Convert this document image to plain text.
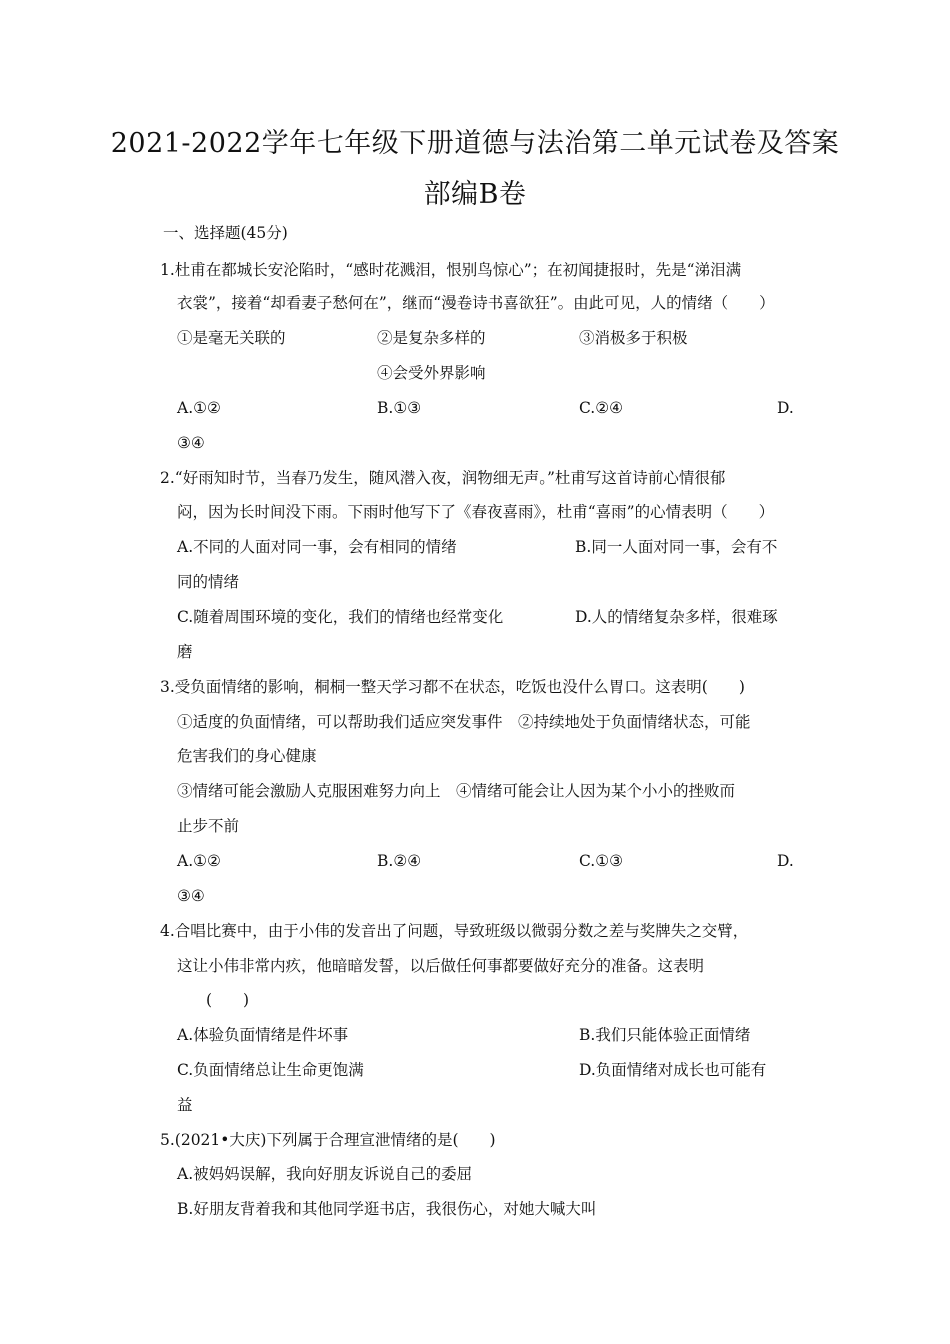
2021-2022学年七年级下册道德与法治第二单元试卷及答案
部编B卷
一、选择题(45分)
1.杜甫在都城长安沦陷时，“感时花溅泪，恨别鸟惊心”；在初闻捷报时，先是“涕泪满
衣裳”，接着“却看妻子愁何在”，继而“漫卷诗书喜欲狂”。由此可见，人的情绪（　　）
①是毫无关联的	②是复杂多样的	③消极多于积极
④会受外界影响
A.①②	B.①③	C.②④	D.
③④
2.“好雨知时节，当春乃发生，随风潜入夜，润物细无声。”杜甫写这首诗前心情很郁
闷，因为长时间没下雨。下雨时他写下了《春夜喜雨》，杜甫“喜雨”的心情表明（　　）
A.不同的人面对同一事，会有相同的情绪	B.同一人面对同一事，会有不
同的情绪
C.随着周围环境的变化，我们的情绪也经常变化	D.人的情绪复杂多样，很难琢
磨
3.受负面情绪的影响，桐桐一整天学习都不在状态，吃饭也没什么胃口。这表明(　　)
①适度的负面情绪，可以帮助我们适应突发事件　②持续地处于负面情绪状态，可能
危害我们的身心健康
③情绪可能会激励人克服困难努力向上　④情绪可能会让人因为某个小小的挫败而
止步不前
A.①②	B.②④	C.①③	D.
③④
4.合唱比赛中，由于小伟的发音出了问题，导致班级以微弱分数之差与奖牌失之交臂，
这让小伟非常内疚，他暗暗发誓，以后做任何事都要做好充分的准备。这表明
(　　)
A.体验负面情绪是件坏事	B.我们只能体验正面情绪
C.负面情绪总让生命更饱满	D.负面情绪对成长也可能有
益
5.(2021•大庆)下列属于合理宣泄情绪的是(　　)
A.被妈妈误解，我向好朋友诉说自己的委屈
B.好朋友背着我和其他同学逛书店，我很伤心，对她大喊大叫
